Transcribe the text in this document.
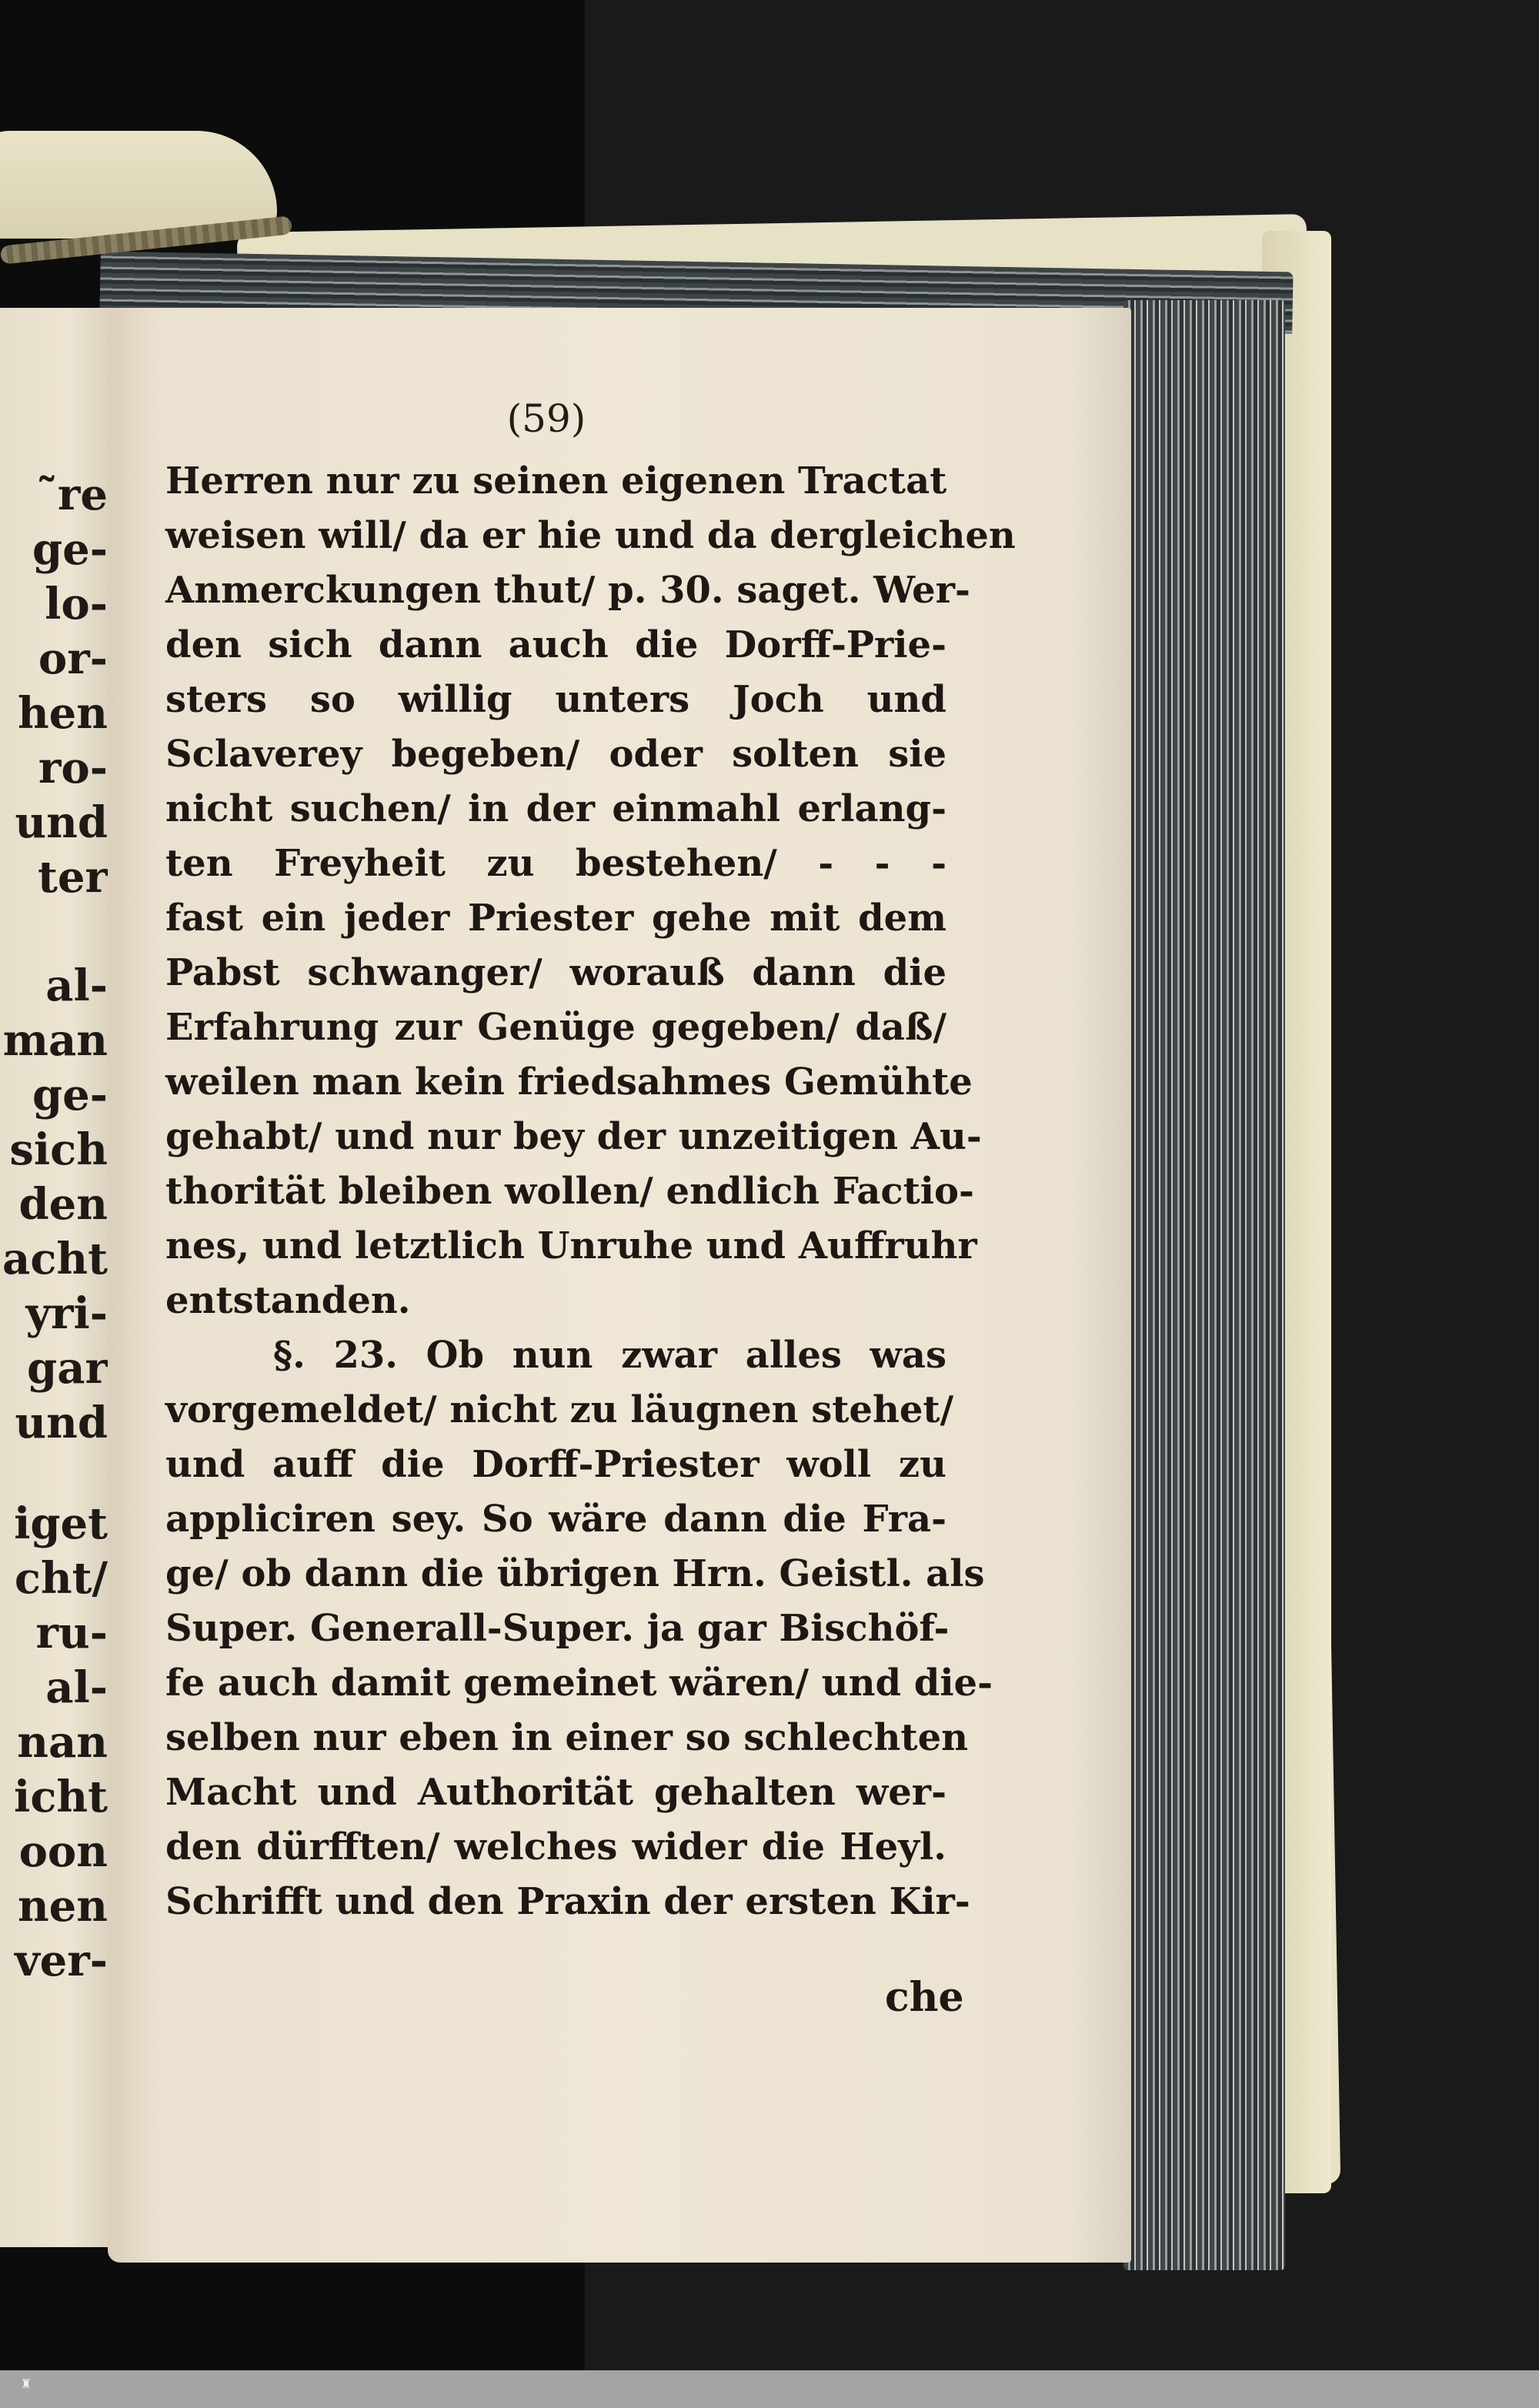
̃re
ge-
lo-
or-
hen
ro-
und
ter
al-
man
ge-
sich
den
acht
yri-
gar
und
iget
cht/
ru-
al-
nan
icht
oon
nen
ver-
(59)
Herren nur zu seinen eigenen Tractat
weisen will/ da er hie und da dergleichen
Anmerckungen thut/ p. 30. saget. Wer-
den sich dann auch die Dorff-Prie-
sters so willig unters Joch und
Sclaverey begeben/ oder solten sie
nicht suchen/ in der einmahl erlang-
ten Freyheit zu bestehen/ - - -
fast ein jeder Priester gehe mit dem
Pabst schwanger/ worauß dann die
Erfahrung zur Genüge gegeben/ daß/
weilen man kein friedsahmes Gemühte
gehabt/ und nur bey der unzeitigen Au-
thorität bleiben wollen/ endlich Factio-
nes, und letztlich Unruhe und Auffruhr
entstanden.
§. 23. Ob nun zwar alles was
vorgemeldet/ nicht zu läugnen stehet/
und auff die Dorff-Priester woll zu
appliciren sey. So wäre dann die Fra-
ge/ ob dann die übrigen Hrn. Geistl. als
Super. Generall-Super. ja gar Bischöf-
fe auch damit gemeinet wären/ und die-
selben nur eben in einer so schlechten
Macht und Authorität gehalten wer-
den dürfften/ welches wider die Heyl.
Schrifft und den Praxin der ersten Kir-
che
♜
